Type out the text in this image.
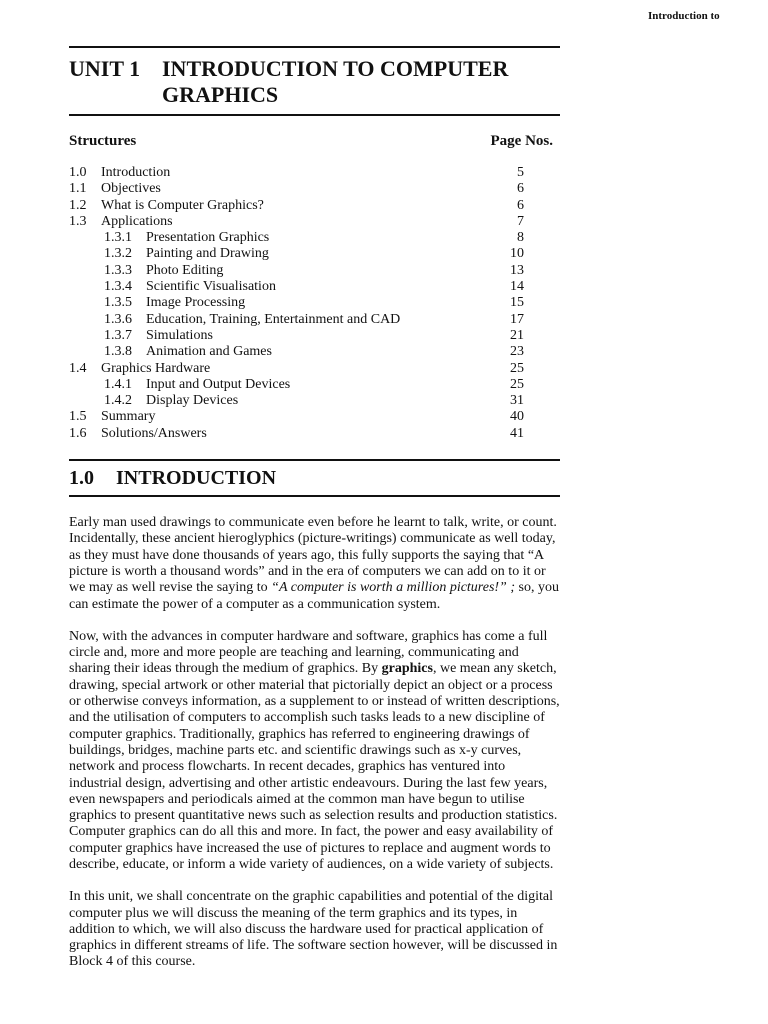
Introduction to
UNIT 1 INTRODUCTION TO COMPUTER GRAPHICS
Structures	Page Nos.
1.0	Introduction	5
1.1	Objectives	6
1.2	What is Computer Graphics?	6
1.3	Applications	7
1.3.1	Presentation Graphics	8
1.3.2	Painting and Drawing	10
1.3.3	Photo Editing	13
1.3.4	Scientific Visualisation	14
1.3.5	Image Processing	15
1.3.6	Education, Training, Entertainment and CAD	17
1.3.7	Simulations	21
1.3.8	Animation and Games	23
1.4	Graphics Hardware	25
1.4.1	Input and Output Devices	25
1.4.2	Display Devices	31
1.5	Summary	40
1.6	Solutions/Answers	41
1.0	INTRODUCTION

Early man used drawings to communicate even before he learnt to talk, write, or count. Incidentally, these ancient hieroglyphics (picture-writings) communicate as well today, as they must have done thousands of years ago, this fully supports the saying that “A picture is worth a thousand words” and in the era of computers we can add on to it or we may as well revise the saying to “A computer is worth a million pictures!” ; so, you can estimate the power of a computer as a communication system.

Now, with the advances in computer hardware and software, graphics has come a full circle and, more and more people are teaching and learning, communicating and sharing their ideas through the medium of graphics. By graphics, we mean any sketch, drawing, special artwork or other material that pictorially depict an object or a process or otherwise conveys information, as a supplement to or instead of written descriptions, and the utilisation of computers to accomplish such tasks leads to a new discipline of computer graphics. Traditionally, graphics has referred to engineering drawings of buildings, bridges, machine parts etc. and scientific drawings such as x-y curves, network and process flowcharts. In recent decades, graphics has ventured into industrial design, advertising and other artistic endeavours. During the last few years, even newspapers and periodicals aimed at the common man have begun to utilise graphics to present quantitative news such as selection results and production statistics. Computer graphics can do all this and more. In fact, the power and easy availability of computer graphics have increased the use of pictures to replace and augment words to describe, educate, or inform a wide variety of audiences, on a wide variety of subjects.

In this unit, we shall concentrate on the graphic capabilities and potential of the digital computer plus we will discuss the meaning of the term graphics and its types, in addition to which, we will also discuss the hardware used for practical application of graphics in different streams of life. The software section however, will be discussed in Block 4 of this course.
